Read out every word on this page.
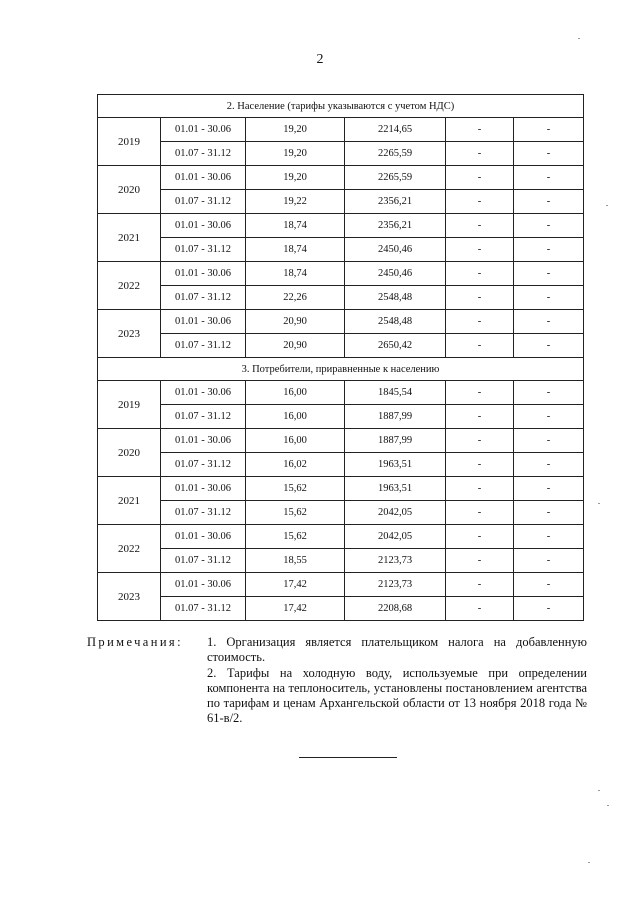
2
2. Население (тарифы указываются с учетом НДС)					
2019	01.01 - 30.06	19,20	2214,65	-	-
	01.07 - 31.12	19,20	2265,59	-	-
2020	01.01 - 30.06	19,20	2265,59	-	-
	01.07 - 31.12	19,22	2356,21	-	-
2021	01.01 - 30.06	18,74	2356,21	-	-
	01.07 - 31.12	18,74	2450,46	-	-
2022	01.01 - 30.06	18,74	2450,46	-	-
	01.07 - 31.12	22,26	2548,48	-	-
2023	01.01 - 30.06	20,90	2548,48	-	-
	01.07 - 31.12	20,90	2650,42	-	-
3. Потребители, приравненные к населению					
2019	01.01 - 30.06	16,00	1845,54	-	-
	01.07 - 31.12	16,00	1887,99	-	-
2020	01.01 - 30.06	16,00	1887,99	-	-
	01.07 - 31.12	16,02	1963,51	-	-
2021	01.01 - 30.06	15,62	1963,51	-	-
	01.07 - 31.12	15,62	2042,05	-	-
2022	01.01 - 30.06	15,62	2042,05	-	-
	01.07 - 31.12	18,55	2123,73	-	-
2023	01.01 - 30.06	17,42	2123,73	-	-
	01.07 - 31.12	17,42	2208,68	-	-
Примечания: 1. Организация является плательщиком налога на добавленную стоимость.
2. Тарифы на холодную воду, используемые при определении компонента на теплоноситель, установлены постановлением агентства по тарифам и ценам Архангельской области от 13 ноября 2018 года № 61-в/2.
